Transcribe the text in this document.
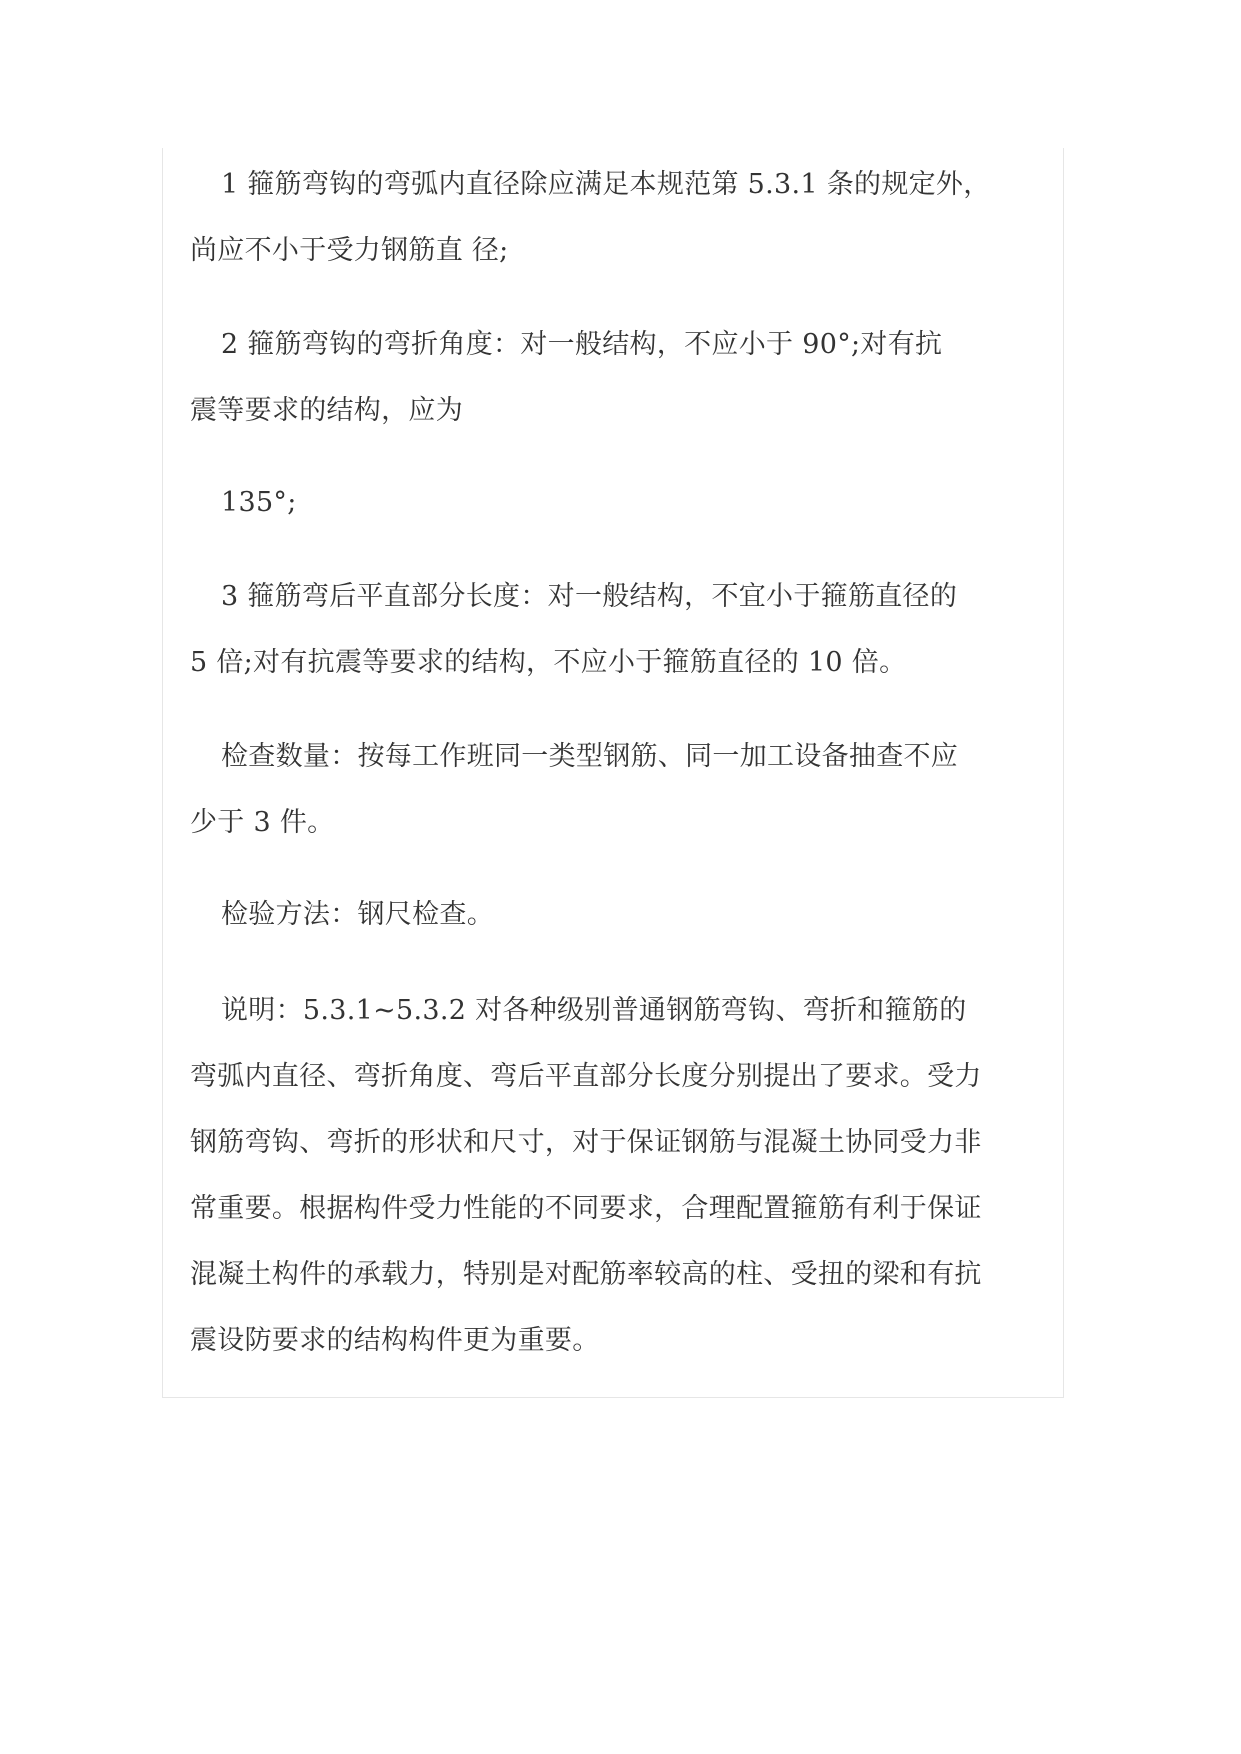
1 箍筋弯钩的弯弧内直径除应满足本规范第 5.3.1 条的规定外，
尚应不小于受力钢筋直 径;
2 箍筋弯钩的弯折角度：对一般结构，不应小于 90°;对有抗
震等要求的结构，应为
135°;
3 箍筋弯后平直部分长度：对一般结构，不宜小于箍筋直径的
5 倍;对有抗震等要求的结构，不应小于箍筋直径的 10 倍。
检查数量：按每工作班同一类型钢筋、同一加工设备抽查不应
少于 3 件。
检验方法：钢尺检查。
说明：5.3.1~5.3.2 对各种级别普通钢筋弯钩、弯折和箍筋的
弯弧内直径、弯折角度、弯后平直部分长度分别提出了要求。受力
钢筋弯钩、弯折的形状和尺寸，对于保证钢筋与混凝土协同受力非
常重要。根据构件受力性能的不同要求，合理配置箍筋有利于保证
混凝土构件的承载力，特别是对配筋率较高的柱、受扭的梁和有抗
震设防要求的结构构件更为重要。
